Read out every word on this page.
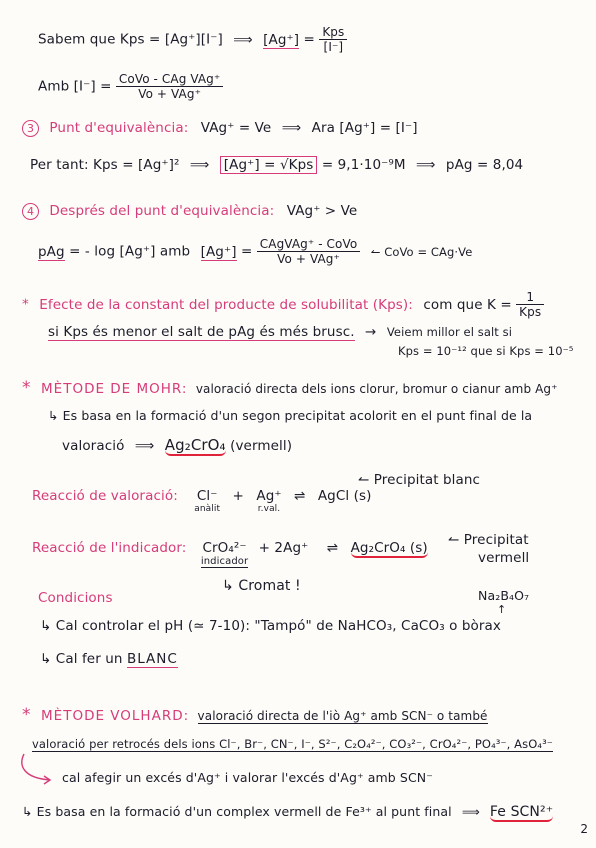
Sabem que Kps = [Ag⁺][I⁻] ⟹ $[Ag^+] = \frac{\text{Kps}}{[I^-]}$
Amb $[I^-] = \frac{\text{CoVo - CAg VAg⁺}}{\text{Vo + VAg⁺}}$
3 Punt d'equivalència: VAg⁺ = Ve ⟹ Ara [Ag⁺] = [I⁻]
Per tant: Kps = [Ag⁺]² ⟹ [Ag⁺] = √Kps = 9,1·10⁻⁹M ⟹ pAg = 8,04
4 Després del punt d'equivalència: VAg⁺ > Ve
pAg = - log [Ag⁺] amb $[Ag^+] = \frac{\text{CAgVAg⁺ - CoVo}}{\text{Vo + VAg⁺}}$ ↼ CoVo = CAg·Ve
* Efecte de la constant del producte de solubilitat (Kps): com que $K = \frac{1}{\text{Kps}}$
si Kps és menor el salt de pAg és més brusc. → Veiem millor el salt si
Kps = 10⁻¹² que si Kps = 10⁻⁵
* MÈTODE DE MOHR: valoració directa dels ions clorur, bromur o cianur amb Ag⁺
↳ Es basa en la formació d'un segon precipitat acolorit en el punt final de la
valoració ⟹ Ag₂CrO₄ (vermell)
Reacció de valoració: Cl⁻
anàlit
+ Ag⁺
r.val.
⇌ AgCl (s)
↼ Precipitat blanc
Reacció de l'indicador: CrO₄²⁻
indicador
+ 2Ag⁺ ⇌ Ag₂CrO₄ (s) ↼ Precipitat
vermell
↳ Cromat !
Condicions	Na₂B₄O₇
↑
↳ Cal controlar el pH (≃ 7-10): "Tampó" de NaHCO₃, CaCO₃ o bòrax
↳ Cal fer un BLANC
* MÈTODE VOLHARD: valoració directa de l'iò Ag⁺ amb SCN⁻ o també
valoració per retrocés dels ions Cl⁻, Br⁻, CN⁻, I⁻, S²⁻, C₂O₄²⁻, CO₃²⁻, CrO₄²⁻, PO₄³⁻, AsO₄³⁻
cal afegir un excés d'Ag⁺ i valorar l'excés d'Ag⁺ amb SCN⁻
↳ Es basa en la formació d'un complex vermell de Fe³⁺ al punt final ⟹ Fe SCN²⁺
2
